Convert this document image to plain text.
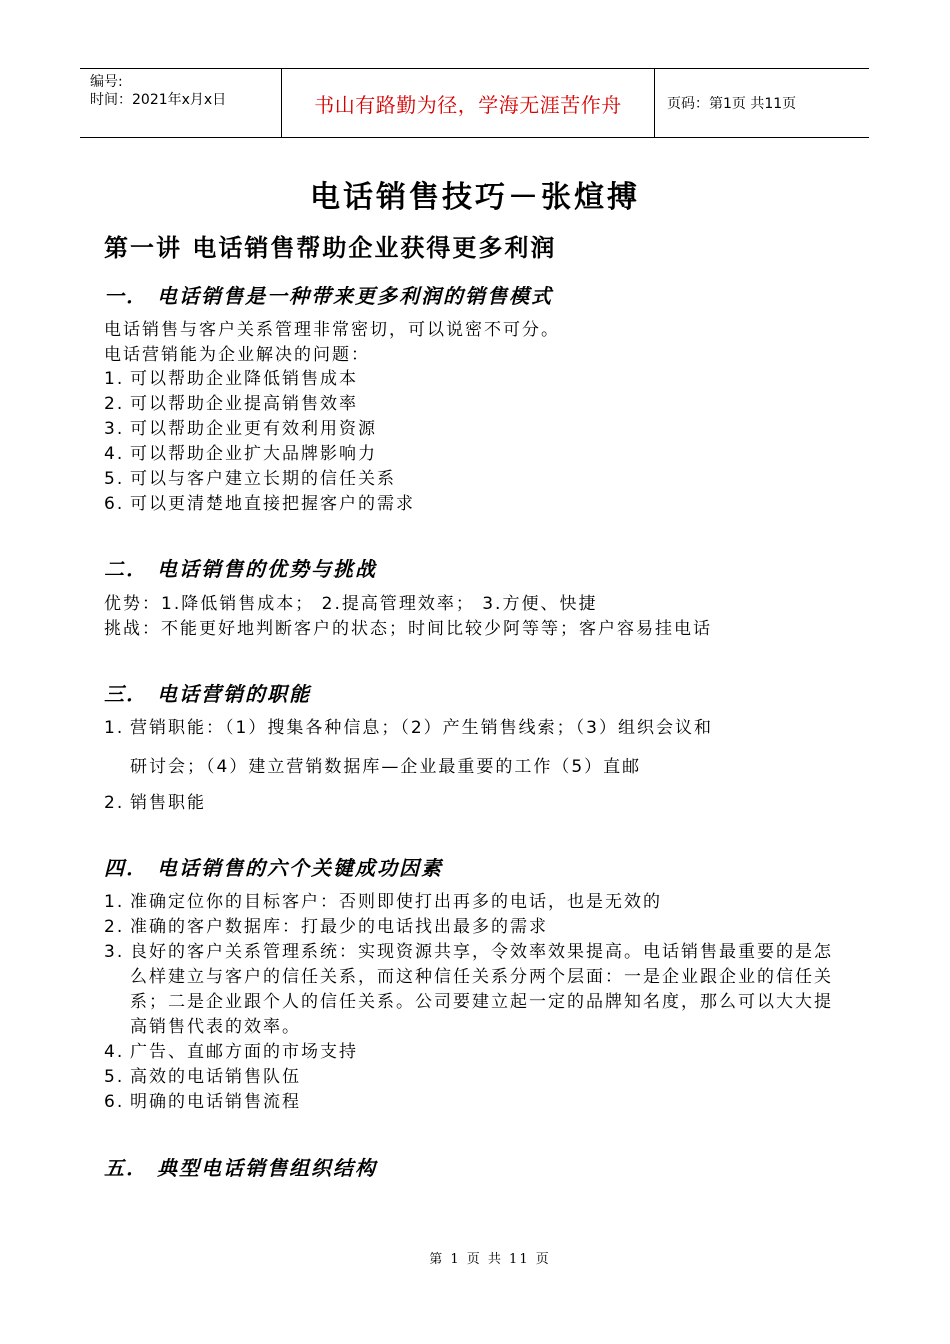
编号:
时间：2021年x月x日	书山有路勤为径，学海无涯苦作舟	页码：第1页 共11页
电话销售技巧－张煊搏
第一讲 电话销售帮助企业获得更多利润
一． 电话销售是一种带来更多利润的销售模式
电话销售与客户关系管理非常密切，可以说密不可分。
电话营销能为企业解决的问题：
1. 可以帮助企业降低销售成本
2. 可以帮助企业提高销售效率
3. 可以帮助企业更有效利用资源
4. 可以帮助企业扩大品牌影响力
5. 可以与客户建立长期的信任关系
6. 可以更清楚地直接把握客户的需求
二． 电话销售的优势与挑战
优势：1.降低销售成本； 2.提高管理效率； 3.方便、快捷
挑战：不能更好地判断客户的状态；时间比较少阿等等；客户容易挂电话
三． 电话营销的职能
1. 营销职能：（1）搜集各种信息；（2）产生销售线索；（3）组织会议和
研讨会；（4）建立营销数据库—企业最重要的工作（5）直邮
2. 销售职能
四． 电话销售的六个关键成功因素
1. 准确定位你的目标客户：否则即使打出再多的电话，也是无效的
2. 准确的客户数据库：打最少的电话找出最多的需求
3. 良好的客户关系管理系统：实现资源共享，令效率效果提高。电话销售最重要的是怎么样建立与客户的信任关系，而这种信任关系分两个层面：一是企业跟企业的信任关系；二是企业跟个人的信任关系。公司要建立起一定的品牌知名度，那么可以大大提高销售代表的效率。
4. 广告、直邮方面的市场支持
5. 高效的电话销售队伍
6. 明确的电话销售流程
五． 典型电话销售组织结构
第 1 页 共 11 页
